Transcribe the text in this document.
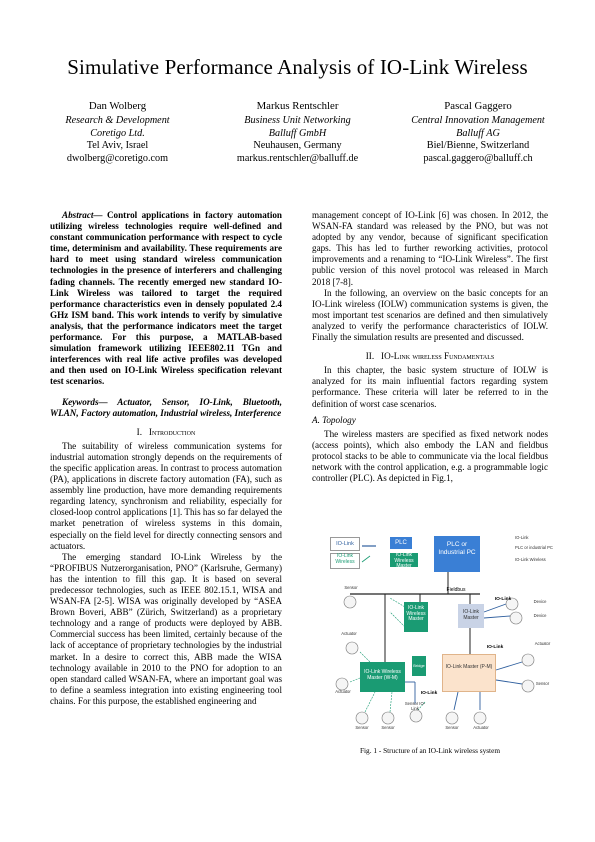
Simulative Performance Analysis of IO-Link Wireless
Dan Wolberg
Research & Development
Coretigo Ltd.
Tel Aviv, Israel
dwolberg@coretigo.com
Markus Rentschler
Business Unit Networking
Balluff GmbH
Neuhausen, Germany
markus.rentschler@balluff.de
Pascal Gaggero
Central Innovation Management
Balluff AG
Biel/Bienne, Switzerland
pascal.gaggero@balluff.ch

Abstract— Control applications in factory automation utilizing wireless technologies require well-defined and constant communication performance with respect to cycle time, determinism and availability. These requirements are hard to meet using standard wireless communication technologies in the presence of interferers and challenging fading channels. The recently emerged new standard IO-Link Wireless was tailored to target the required performance characteristics even in densely populated 2.4 GHz ISM band. This work intends to verify by simulative analysis, that the performance indicators meet the target performance. For this purpose, a MATLAB-based simulation framework utilizing IEEE802.11 TGn and interferences with real life active profiles was developed and then used on IO-Link Wireless specification relevant test scenarios.

Keywords— Actuator, Sensor, IO-Link, Bluetooth, WLAN, Factory automation, Industrial wireless, Interference

I. Introduction

The suitability of wireless communication systems for industrial automation strongly depends on the requirements of the specific application areas. In contrast to process automation (PA), applications in discrete factory automation (FA), such as assembly line production, have more demanding requirements regarding latency, synchronism and reliability, especially for closed-loop control applications [1]. This has so far delayed the market penetration of wireless systems in this domain, especially on the field level for directly connecting sensors and actuators.

The emerging standard IO-Link Wireless by the “PROFIBUS Nutzerorganisation, PNO” (Karlsruhe, Germany) has the intention to fill this gap. It is based on several predecessor technologies, such as IEEE 802.15.1, WISA and WSAN-FA [2-5]. WISA was originally developed by “ASEA Brown Boveri, ABB” (Zürich, Switzerland) as a proprietary technology and a range of products were deployed by ABB. Commercial success has been limited, certainly because of the lack of acceptance of proprietary technologies by the industrial market. In a desire to correct this, ABB made the WISA technology available in 2010 to the PNO for adoption to an open standard called WSAN-FA, where an important goal was to define a seamless integration into existing engineering tool chains. For this purpose, the established engineering and

management concept of IO-Link [6] was chosen. In 2012, the WSAN-FA standard was released by the PNO, but was not adopted by any vendor, because of significant specification gaps. This has led to further reworking activities, protocol improvements and a renaming to “IO-Link Wireless”. The first public version of this novel protocol was released in March 2018 [7-8].

In the following, an overview on the basic concepts for an IO-Link wireless (IOLW) communication systems is given, the most important test scenarios are defined and then simulatively analyzed to verify the performance characteristics of IOLW. Finally the simulation results are presented and discussed.

II. IO-Link wireless Fundamentals

In this chapter, the basic system structure of IOLW is analyzed for its main influential factors regarding system performance. These criteria will later be referred to in the definition of worst case scenarios.

A. Topology

The wireless masters are specified as fixed network nodes (access points), which also embody the LAN and fieldbus protocol stacks to be able to communicate via the local fieldbus network with the control application, e.g. a programmable logic controller (PLC). As depicted in Fig.1,

IO-Link	PLC
IO-Link Wireless
IO-Link Wireless Master
PLC or Industrial PC
IO-Link
PLC or industrial PC
IO-Link Wireless
Fieldbus
IO-Link Wireless Master
IO-Link Master
IO-Link
IO-Link Wireless Master (W-M)
Bridge	IO-Link Master (P-M)
IO-Link
IO-Link
Sensor
Actuator
Actuator
Device
Device
Actuator
Sensor
Sensor	Sensor
Sensor IO-Link
Sensor	Actuator
Fig. 1 - Structure of an IO-Link wireless system
